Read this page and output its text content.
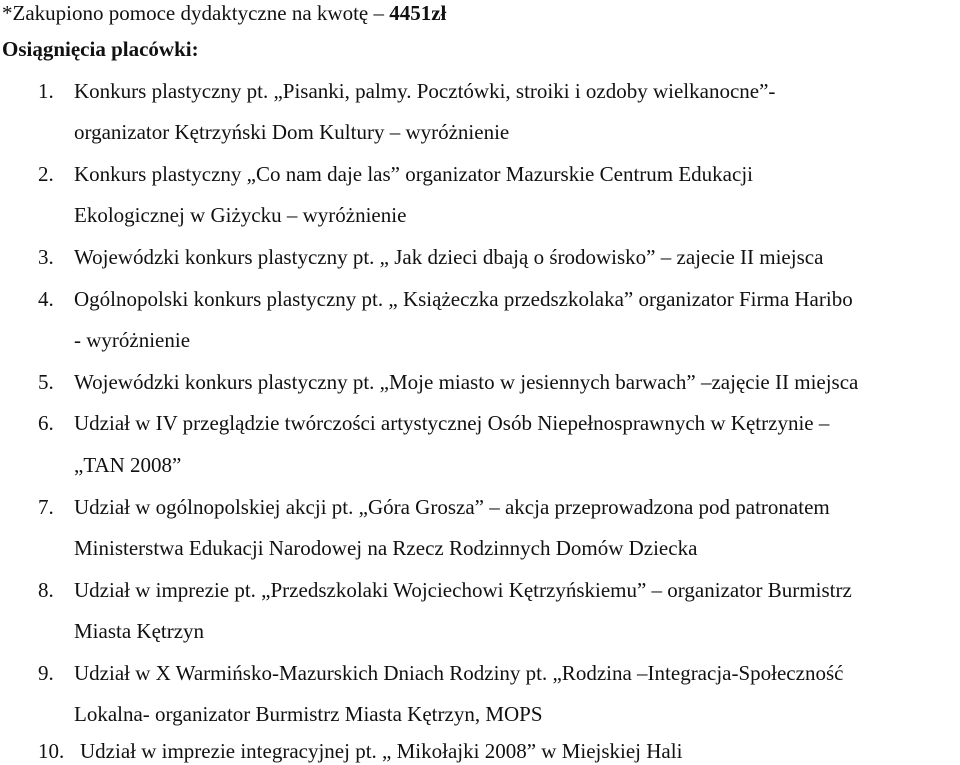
*Zakupiono pomoce dydaktyczne na kwotę – 4451zł
Osiągnięcia placówki:
1. Konkurs plastyczny pt. „Pisanki, palmy. Pocztówki, stroiki i ozdoby wielkanocne”-
organizator Kętrzyński Dom Kultury – wyróżnienie
2. Konkurs plastyczny „Co nam daje las” organizator Mazurskie Centrum Edukacji
Ekologicznej w Giżycku – wyróżnienie
3. Wojewódzki konkurs plastyczny pt. „ Jak dzieci dbają o środowisko” – zajecie II miejsca
4. Ogólnopolski konkurs plastyczny pt. „ Książeczka przedszkolaka” organizator Firma Haribo
- wyróżnienie
5. Wojewódzki konkurs plastyczny pt. „Moje miasto w jesiennych barwach” –zajęcie II miejsca
6. Udział w IV przeglądzie twórczości artystycznej Osób Niepełnosprawnych w Kętrzynie –
„TAN 2008”
7. Udział w ogólnopolskiej akcji pt. „Góra Grosza” – akcja przeprowadzona pod patronatem
Ministerstwa Edukacji Narodowej na Rzecz Rodzinnych Domów Dziecka
8. Udział w imprezie pt. „Przedszkolaki Wojciechowi Kętrzyńskiemu” – organizator Burmistrz
Miasta Kętrzyn
9. Udział w X Warmińsko-Mazurskich Dniach Rodziny pt. „Rodzina –Integracja-Społeczność
Lokalna- organizator Burmistrz Miasta Kętrzyn, MOPS
10. Udział w imprezie integracyjnej pt. „ Mikołajki 2008” w Miejskiej Hali
